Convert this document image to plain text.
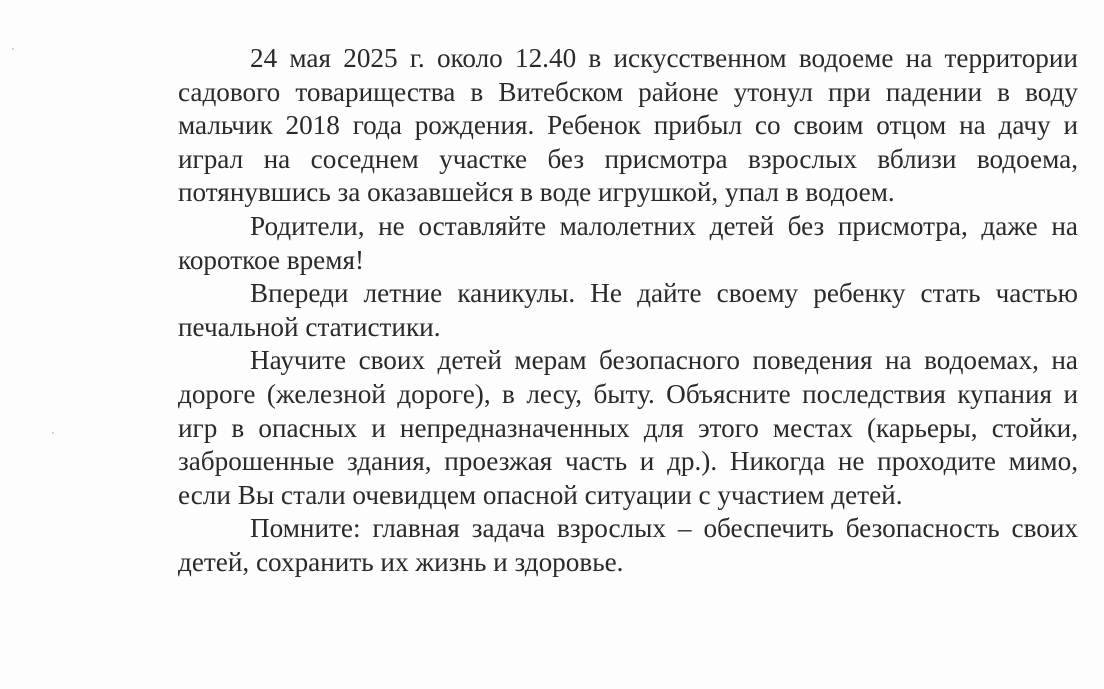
24 мая 2025 г. около 12.40 в искусственном водоеме на территории
садового товарищества в Витебском районе утонул при падении в воду
мальчик 2018 года рождения. Ребенок прибыл со своим отцом на дачу и
играл на соседнем участке без присмотра взрослых вблизи водоема,
потянувшись за оказавшейся в воде игрушкой, упал в водоем.
Родители, не оставляйте малолетних детей без присмотра, даже на
короткое время!
Впереди летние каникулы. Не дайте своему ребенку стать частью
печальной статистики.
Научите своих детей мерам безопасного поведения на водоемах, на
дороге (железной дороге), в лесу, быту. Объясните последствия купания и
игр в опасных и непредназначенных для этого местах (карьеры, стойки,
заброшенные здания, проезжая часть и др.). Никогда не проходите мимо,
если Вы стали очевидцем опасной ситуации с участием детей.
Помните: главная задача взрослых – обеспечить безопасность своих
детей, сохранить их жизнь и здоровье.
